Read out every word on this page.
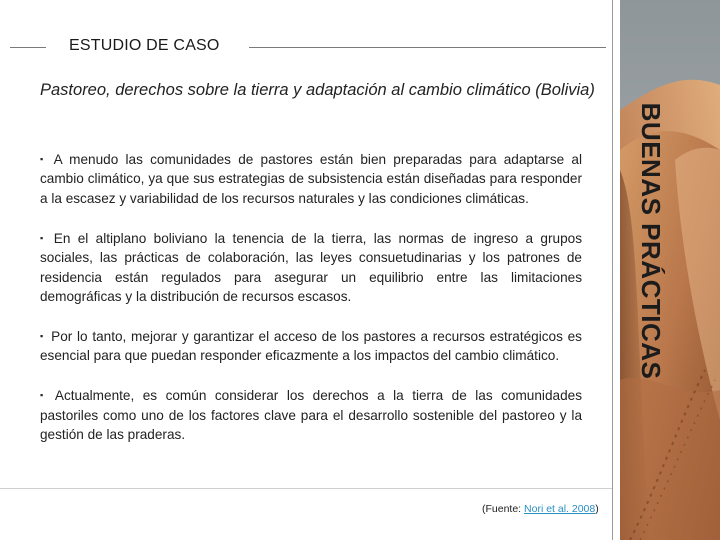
ESTUDIO DE CASO
Pastoreo, derechos sobre la tierra y adaptación al cambio climático (Bolivia)

▪ A menudo las comunidades de pastores están bien preparadas para adaptarse al cambio climático, ya que sus estrategias de subsistencia están diseñadas para responder a la escasez y variabilidad de los recursos naturales y las condiciones climáticas.

▪ En el altiplano boliviano la tenencia de la tierra, las normas de ingreso a grupos sociales, las prácticas de colaboración, las leyes consuetudinarias y los patrones de residencia están regulados para asegurar un equilibrio entre las limitaciones demográficas y la distribución de recursos escasos.

▪ Por lo tanto, mejorar y garantizar el acceso de los pastores a recursos estratégicos es esencial para que puedan responder eficazmente a los impactos del cambio climático.

▪ Actualmente, es común considerar los derechos a la tierra de las comunidades pastoriles como uno de los factores clave para el desarrollo sostenible del pastoreo y la gestión de las praderas.

(Fuente: Nori et al. 2008)
BUENAS PRÁCTICAS
